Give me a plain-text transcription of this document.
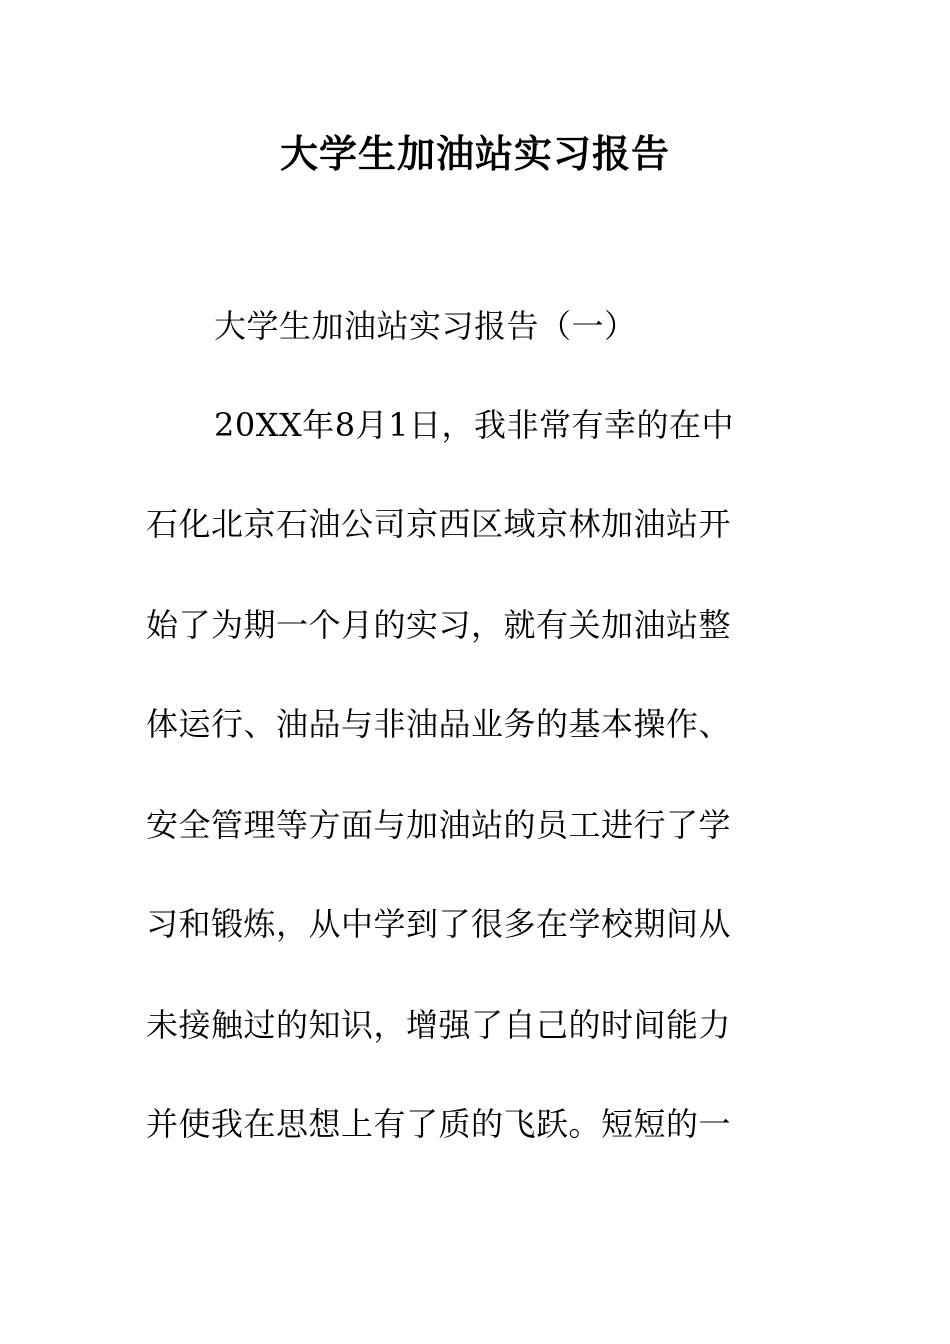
大学生加油站实习报告
大学生加油站实习报告（一）
20XX年8月1日，我非常有幸的在中
石化北京石油公司京西区域京林加油站开
始了为期一个月的实习，就有关加油站整
体运行、油品与非油品业务的基本操作、
安全管理等方面与加油站的员工进行了学
习和锻炼，从中学到了很多在学校期间从
未接触过的知识，增强了自己的时间能力
并使我在思想上有了质的飞跃。短短的一
